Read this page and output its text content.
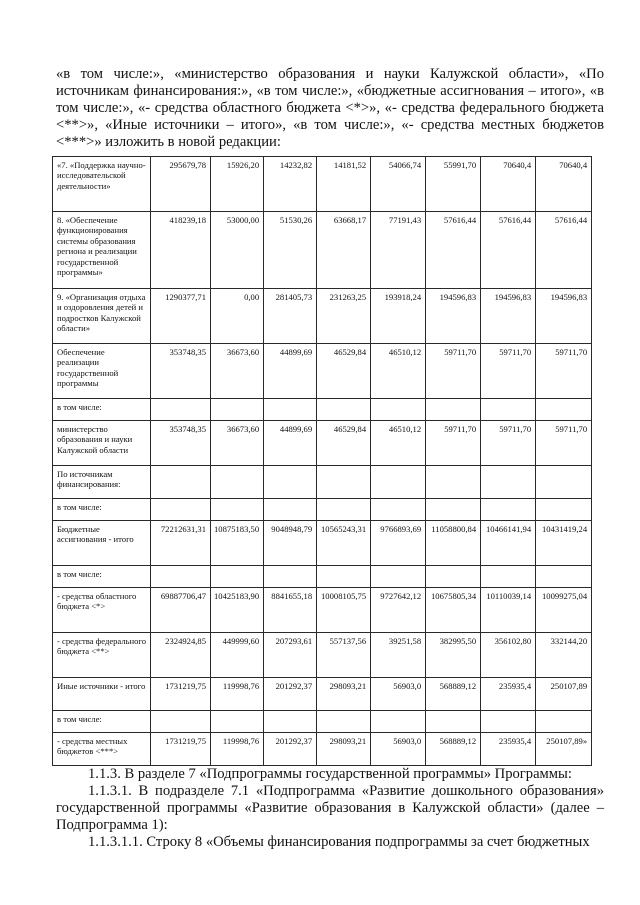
«в том числе:», «министерство образования и науки Калужской области», «По источникам финансирования:», «в том числе:», «бюджетные ассигнования – итого», «в том числе:», «- средства областного бюджета <*>», «- средства федерального бюджета <**>», «Иные источники – итого», «в том числе:», «- средства местных бюджетов <***>» изложить в новой редакции:
«7. «Поддержка научно-исследовательской деятельности»	295679,78	15926,20	14232,82	14181,52	54066,74	55991,70	70640,4	70640,4
8. «Обеспечение функционирования системы образования региона и реализации государственной программы»	418239,18	53000,00	51530,26	63668,17	77191,43	57616,44	57616,44	57616,44
9. «Организация отдыха и оздоровления детей и подростков Калужской области»	1290377,71	0,00	281405,73	231263,25	193918,24	194596,83	194596,83	194596,83
Обеспечение реализации государственной программы	353748,35	36673,60	44899,69	46529,84	46510,12	59711,70	59711,70	59711,70
в том числе:								
министерство образования и науки Калужской области	353748,35	36673,60	44899,69	46529,84	46510,12	59711,70	59711,70	59711,70
По источникам финансирования:								
в том числе:								
Бюджетные ассигнования - итого	72212631,31	10875183,50	9048948,79	10565243,31	9766893,69	11058800,84	10466141,94	10431419,24
в том числе:								
- средства областного бюджета <*>	69887706,47	10425183,90	8841655,18	10008105,75	9727642,12	10675805,34	10110039,14	10099275,04
- средства федерального бюджета <**>	2324924,85	449999,60	207293,61	557137,56	39251,58	382995,50	356102,80	332144,20
Иные источники - итого	1731219,75	119998,76	201292,37	298093,21	56903,0	568889,12	235935,4	250107,89
в том числе:								
- средства местных бюджетов <***>	1731219,75	119998,76	201292,37	298093,21	56903,0	568889,12	235935,4	250107,89»

1.1.3. В разделе 7 «Подпрограммы государственной программы» Программы:

1.1.3.1. В подразделе 7.1 «Подпрограмма «Развитие дошкольного образования» государственной программы «Развитие образования в Калужской области» (далее – Подпрограмма 1):

1.1.3.1.1. Строку 8 «Объемы финансирования подпрограммы за счет бюджетных
